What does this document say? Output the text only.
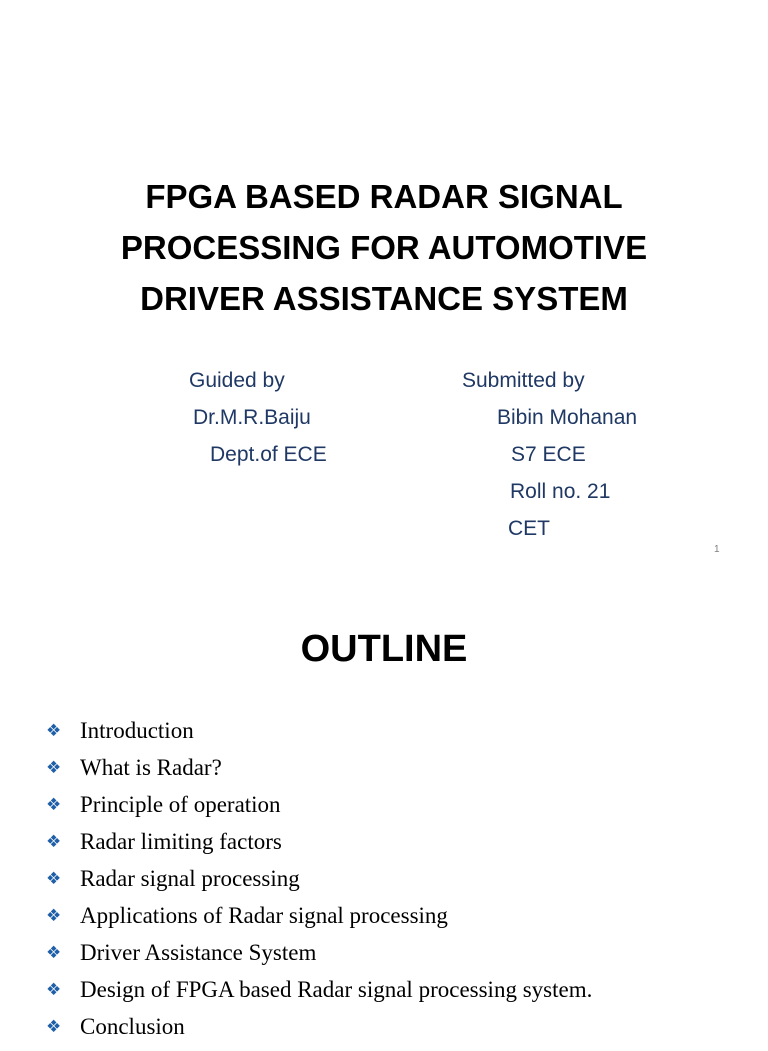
FPGA BASED RADAR SIGNAL
PROCESSING FOR AUTOMOTIVE
DRIVER ASSISTANCE SYSTEM
Guided by
Dr.M.R.Baiju
Dept.of ECE
Submitted by
Bibin Mohanan
S7 ECE
Roll no. 21
CET
1
OUTLINE
❖ Introduction
❖ What is Radar?
❖ Principle of operation
❖ Radar limiting factors
❖ Radar signal processing
❖ Applications of Radar signal processing
❖ Driver Assistance System
❖ Design of FPGA based Radar signal processing system.
❖ Conclusion
